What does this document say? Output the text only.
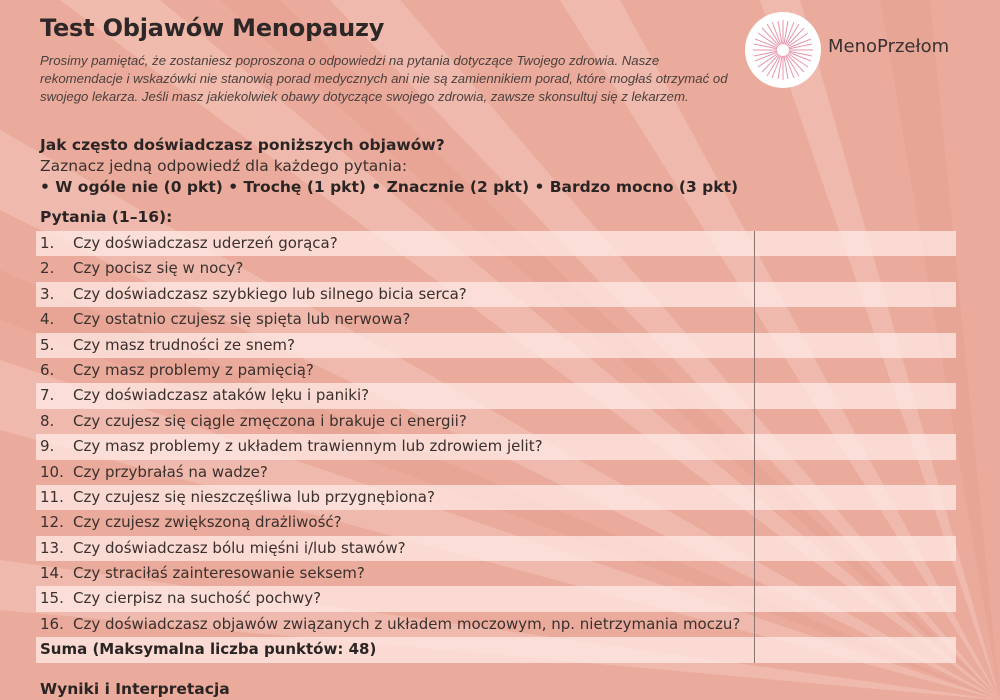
Test Objawów Menopauzy
Prosimy pamiętać, że zostaniesz poproszona o odpowiedzi na pytania dotyczące Twojego zdrowia. Nasze rekomendacje i wskazówki nie stanowią porad medycznych ani nie są zamiennikiem porad, które mogłaś otrzymać od swojego lekarza. Jeśli masz jakiekolwiek obawy dotyczące swojego zdrowia, zawsze skonsultuj się z lekarzem.
MenoPrzełom
Jak często doświadczasz poniższych objawów?
Zaznacz jedną odpowiedź dla każdego pytania:
• W ogóle nie (0 pkt) • Trochę (1 pkt) • Znacznie (2 pkt) • Bardzo mocno (3 pkt)
Pytania (1–16):
1. Czy doświadczasz uderzeń gorąca?
2. Czy pocisz się w nocy?
3. Czy doświadczasz szybkiego lub silnego bicia serca?
4. Czy ostatnio czujesz się spięta lub nerwowa?
5. Czy masz trudności ze snem?
6. Czy masz problemy z pamięcią?
7. Czy doświadczasz ataków lęku i paniki?
8. Czy czujesz się ciągle zmęczona i brakuje ci energii?
9. Czy masz problemy z układem trawiennym lub zdrowiem jelit?
10. Czy przybrałaś na wadze?
11. Czy czujesz się nieszczęśliwa lub przygnębiona?
12. Czy czujesz zwiększoną drażliwość?
13. Czy doświadczasz bólu mięśni i/lub stawów?
14. Czy straciłaś zainteresowanie seksem?
15. Czy cierpisz na suchość pochwy?
16. Czy doświadczasz objawów związanych z układem moczowym, np. nietrzymania moczu?
Suma (Maksymalna liczba punktów: 48)
Wyniki i Interpretacja
